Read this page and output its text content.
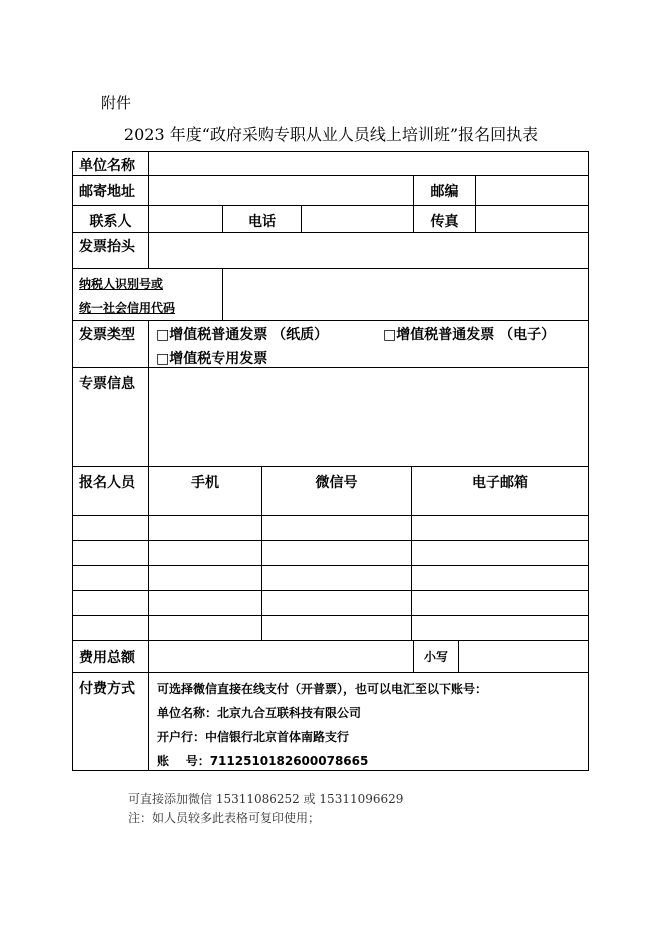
附件
2023 年度“政府采购专职从业人员线上培训班”报名回执表
单位名称
邮寄地址	邮编
联系人	电话	传真
发票抬头
纳税人识别号或
统一社会信用代码
发票类型	□增值税普通发票 （纸质）	□增值税普通发票 （电子）
□增值税专用发票
专票信息
报名人员	手机	微信号	电子邮箱
费用总额	小写
付费方式	可选择微信直接在线支付（开普票），也可以电汇至以下账号：
单位名称：北京九合互联科技有限公司
开户行：中信银行北京首体南路支行
账    号：7112510182600078665
可直接添加微信 15311086252 或 15311096629
注：如人员较多此表格可复印使用；
